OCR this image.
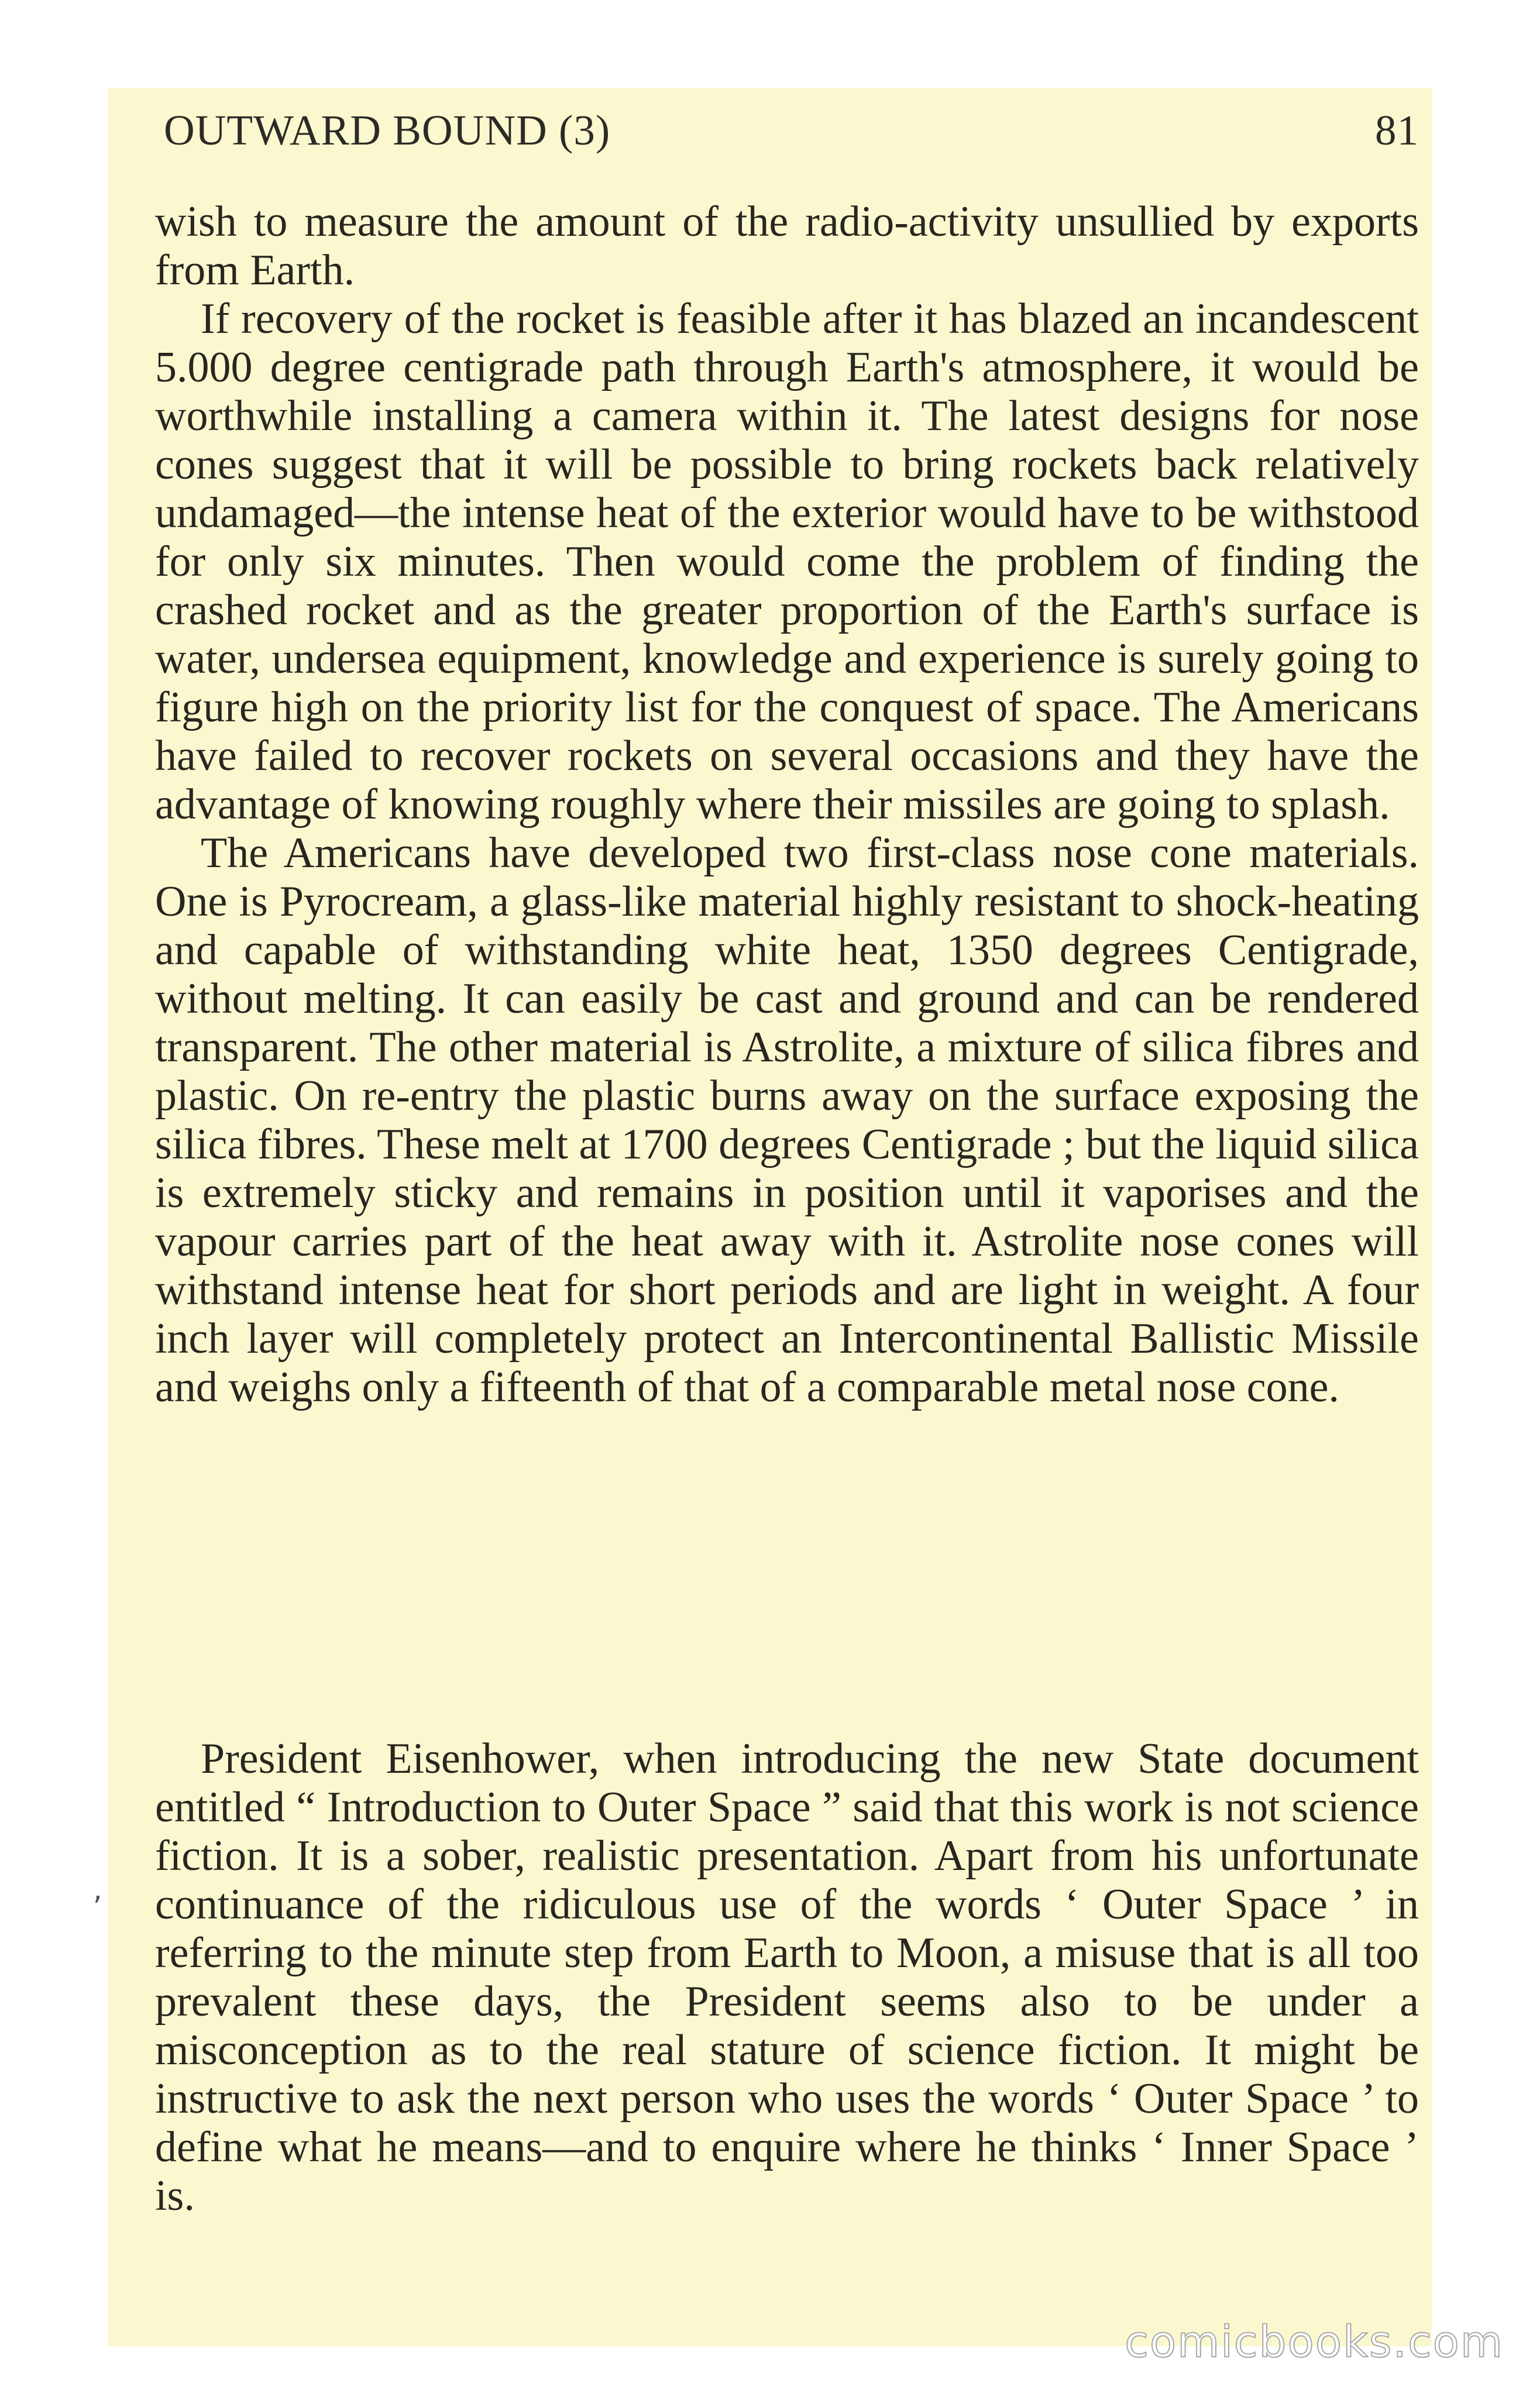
OUTWARD BOUND (3)	81

wish to measure the amount of the radio-activity unsullied by exports from Earth.

If recovery of the rocket is feasible after it has blazed an incandescent 5.000 degree centigrade path through Earth's atmosphere, it would be worthwhile installing a camera within it. The latest designs for nose cones suggest that it will be possible to bring rockets back relatively undamaged—the intense heat of the exterior would have to be withstood for only six minutes. Then would come the problem of finding the crashed rocket and as the greater proportion of the Earth's surface is water, undersea equipment, knowledge and experience is surely going to figure high on the priority list for the conquest of space. The Americans have failed to recover rockets on several occasions and they have the advantage of knowing roughly where their missiles are going to splash.

The Americans have developed two first-class nose cone materials. One is Pyrocream, a glass-like material highly resistant to shock-heating and capable of withstanding white heat, 1350 degrees Centigrade, without melting. It can easily be cast and ground and can be rendered transparent. The other material is Astrolite, a mixture of silica fibres and plastic. On re-entry the plastic burns away on the surface exposing the silica fibres. These melt at 1700 degrees Centigrade ; but the liquid silica is extremely sticky and remains in position until it vaporises and the vapour carries part of the heat away with it. Astrolite nose cones will withstand intense heat for short periods and are light in weight. A four inch layer will completely protect an Intercontinental Ballistic Missile and weighs only a fifteenth of that of a comparable metal nose cone.

President Eisenhower, when introducing the new State document entitled “ Introduction to Outer Space ” said that this work is not science fiction. It is a sober, realistic presentation. Apart from his unfortunate continuance of the ridiculous use of the words ‘ Outer Space ’ in referring to the minute step from Earth to Moon, a misuse that is all too prevalent these days, the President seems also to be under a misconception as to the real stature of science fiction. It might be instructive to ask the next person who uses the words ‘ Outer Space ’ to define what he means—and to enquire where he thinks ‘ Inner Space ’ is.

,
comicbooks.com
